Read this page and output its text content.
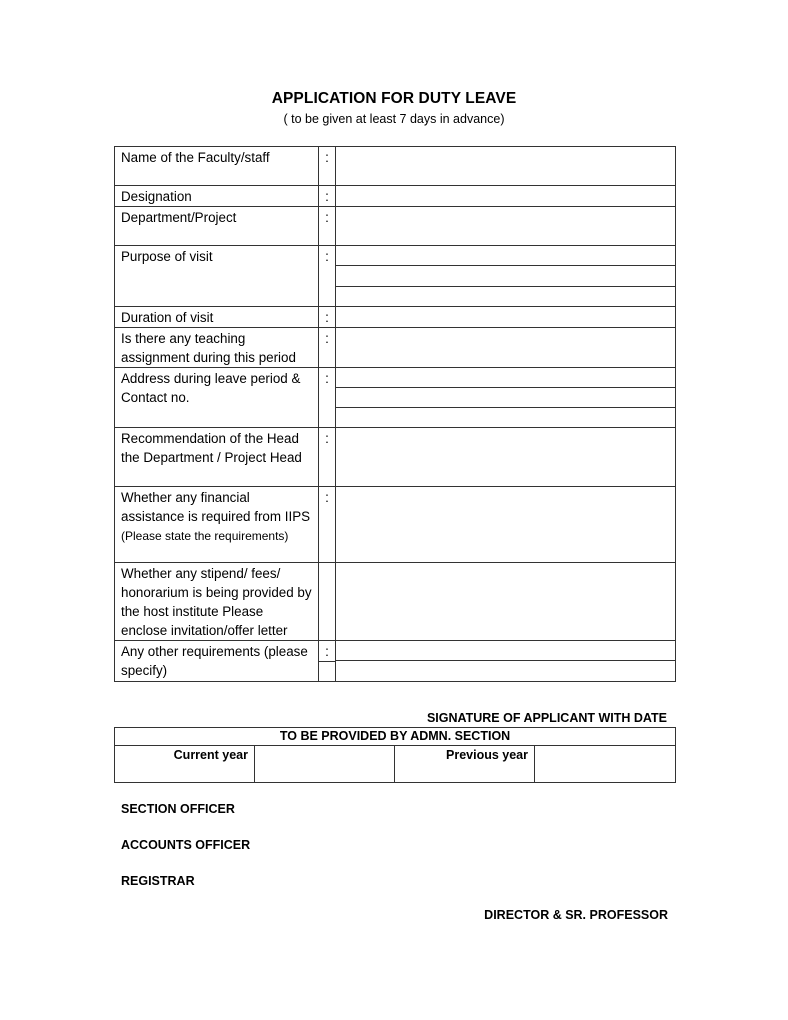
APPLICATION FOR DUTY LEAVE
( to be given at least 7 days in advance)
Name of the Faculty/staff	:	
Designation	:	
Department/Project	:	
Purpose of visit	:	

Duration of visit	:	
Is there any teaching assignment during this period	:	
Address during leave period & Contact no.	:	

Recommendation of the Head the Department / Project Head	:	
Whether any financial assistance is required from IIPS (Please state the requirements)	:	
Whether any stipend/ fees/ honorarium is being provided by the host institute Please enclose invitation/offer letter		
Any other requirements (please specify)	:	

SIGNATURE OF APPLICANT WITH DATE
TO BE PROVIDED BY ADMN. SECTION
Current year		Previous year	
SECTION OFFICER
ACCOUNTS OFFICER
REGISTRAR
DIRECTOR & SR. PROFESSOR
